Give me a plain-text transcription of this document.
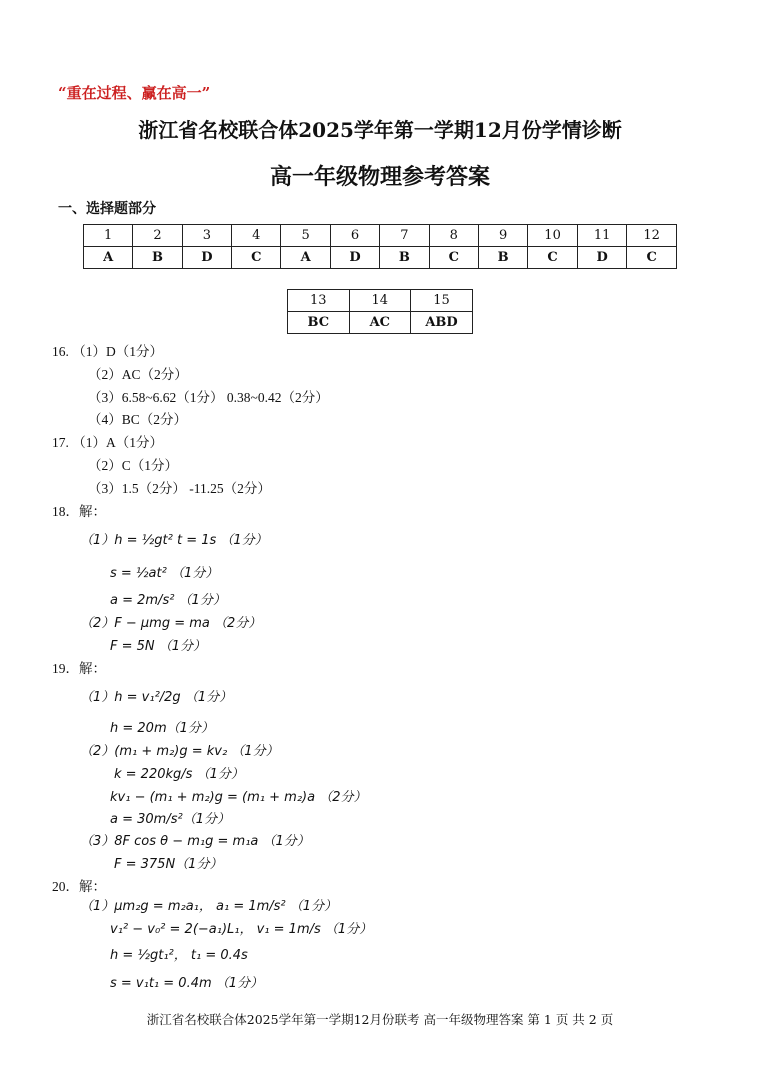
“重在过程、赢在高一”
浙江省名校联合体2025学年第一学期12月份学情诊断
高一年级物理参考答案
一、选择题部分
1	2	3	4	5	6	7	8	9	10	11	12
A	B	D	C	A	D	B	C	B	C	D	C
13	14	15
BC	AC	ABD
16. （1）D（1分）
（2）AC（2分）
（3）6.58~6.62（1分） 0.38~0.42（2分）
（4）BC（2分）
17. （1）A（1分）
（2）C（1分）
（3）1.5（2分） -11.25（2分）
18．解：
（1）h = ½gt² t = 1s （1分）
s = ½at² （1分）
a = 2m/s² （1分）
（2）F − μmg = ma （2分）
F = 5N （1分）
19．解：
（1）h = v₁²/2g （1分）
h = 20m（1分）
（2）(m₁ + m₂)g = kv₂ （1分）
k = 220kg/s （1分）
kv₁ − (m₁ + m₂)g = (m₁ + m₂)a （2分）
a = 30m/s²（1分）
（3）8F cos θ − m₁g = m₁a （1分）
F = 375N（1分）
20．解：
（1）μm₂g = m₂a₁， a₁ = 1m/s² （1分）
v₁² − v₀² = 2(−a₁)L₁， v₁ = 1m/s （1分）
h = ½gt₁²， t₁ = 0.4s
s = v₁t₁ = 0.4m （1分）
浙江省名校联合体2025学年第一学期12月份联考 高一年级物理答案 第 1 页 共 2 页
